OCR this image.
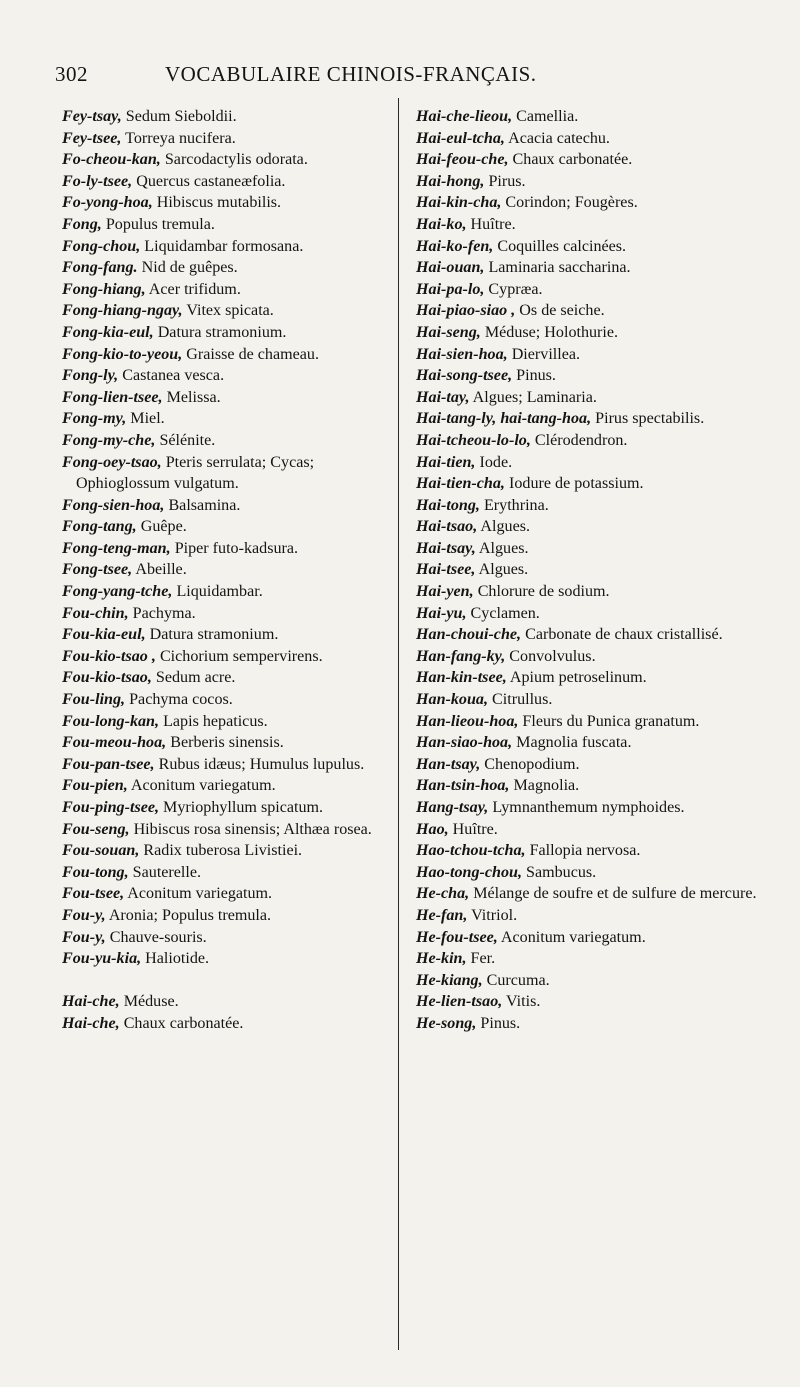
302	VOCABULAIRE CHINOIS-FRANÇAIS.
Fey-tsay, Sedum Sieboldii.
Fey-tsee, Torreya nucifera.
Fo-cheou-kan, Sarcodactylis odorata.
Fo-ly-tsee, Quercus castaneæfolia.
Fo-yong-hoa, Hibiscus mutabilis.
Fong, Populus tremula.
Fong-chou, Liquidambar formosana.
Fong-fang. Nid de guêpes.
Fong-hiang, Acer trifidum.
Fong-hiang-ngay, Vitex spicata.
Fong-kia-eul, Datura stramonium.
Fong-kio-to-yeou, Graisse de chameau.
Fong-ly, Castanea vesca.
Fong-lien-tsee, Melissa.
Fong-my, Miel.
Fong-my-che, Sélénite.
Fong-oey-tsao, Pteris serrulata; Cycas; Ophioglossum vulgatum.
Fong-sien-hoa, Balsamina.
Fong-tang, Guêpe.
Fong-teng-man, Piper futo-kadsura.
Fong-tsee, Abeille.
Fong-yang-tche, Liquidambar.
Fou-chin, Pachyma.
Fou-kia-eul, Datura stramonium.
Fou-kio-tsao , Cichorium sempervirens.
Fou-kio-tsao, Sedum acre.
Fou-ling, Pachyma cocos.
Fou-long-kan, Lapis hepaticus.
Fou-meou-hoa, Berberis sinensis.
Fou-pan-tsee, Rubus idæus; Humulus lupulus.
Fou-pien, Aconitum variegatum.
Fou-ping-tsee, Myriophyllum spicatum.
Fou-seng, Hibiscus rosa sinensis; Althæa rosea.
Fou-souan, Radix tuberosa Livistiei.
Fou-tong, Sauterelle.
Fou-tsee, Aconitum variegatum.
Fou-y, Aronia; Populus tremula.
Fou-y, Chauve-souris.
Fou-yu-kia, Haliotide.
Hai-che, Méduse.
Hai-che, Chaux carbonatée.
Hai-che-lieou, Camellia.
Hai-eul-tcha, Acacia catechu.
Hai-feou-che, Chaux carbonatée.
Hai-hong, Pirus.
Hai-kin-cha, Corindon; Fougères.
Hai-ko, Huître.
Hai-ko-fen, Coquilles calcinées.
Hai-ouan, Laminaria saccharina.
Hai-pa-lo, Cypræa.
Hai-piao-siao , Os de seiche.
Hai-seng, Méduse; Holothurie.
Hai-sien-hoa, Diervillea.
Hai-song-tsee, Pinus.
Hai-tay, Algues; Laminaria.
Hai-tang-ly, hai-tang-hoa, Pirus spectabilis.
Hai-tcheou-lo-lo, Clérodendron.
Hai-tien, Iode.
Hai-tien-cha, Iodure de potassium.
Hai-tong, Erythrina.
Hai-tsao, Algues.
Hai-tsay, Algues.
Hai-tsee, Algues.
Hai-yen, Chlorure de sodium.
Hai-yu, Cyclamen.
Han-choui-che, Carbonate de chaux cristallisé.
Han-fang-ky, Convolvulus.
Han-kin-tsee, Apium petroselinum.
Han-koua, Citrullus.
Han-lieou-hoa, Fleurs du Punica granatum.
Han-siao-hoa, Magnolia fuscata.
Han-tsay, Chenopodium.
Han-tsin-hoa, Magnolia.
Hang-tsay, Lymnanthemum nymphoides.
Hao, Huître.
Hao-tchou-tcha, Fallopia nervosa.
Hao-tong-chou, Sambucus.
He-cha, Mélange de soufre et de sulfure de mercure.
He-fan, Vitriol.
He-fou-tsee, Aconitum variegatum.
He-kin, Fer.
He-kiang, Curcuma.
He-lien-tsao, Vitis.
He-song, Pinus.
